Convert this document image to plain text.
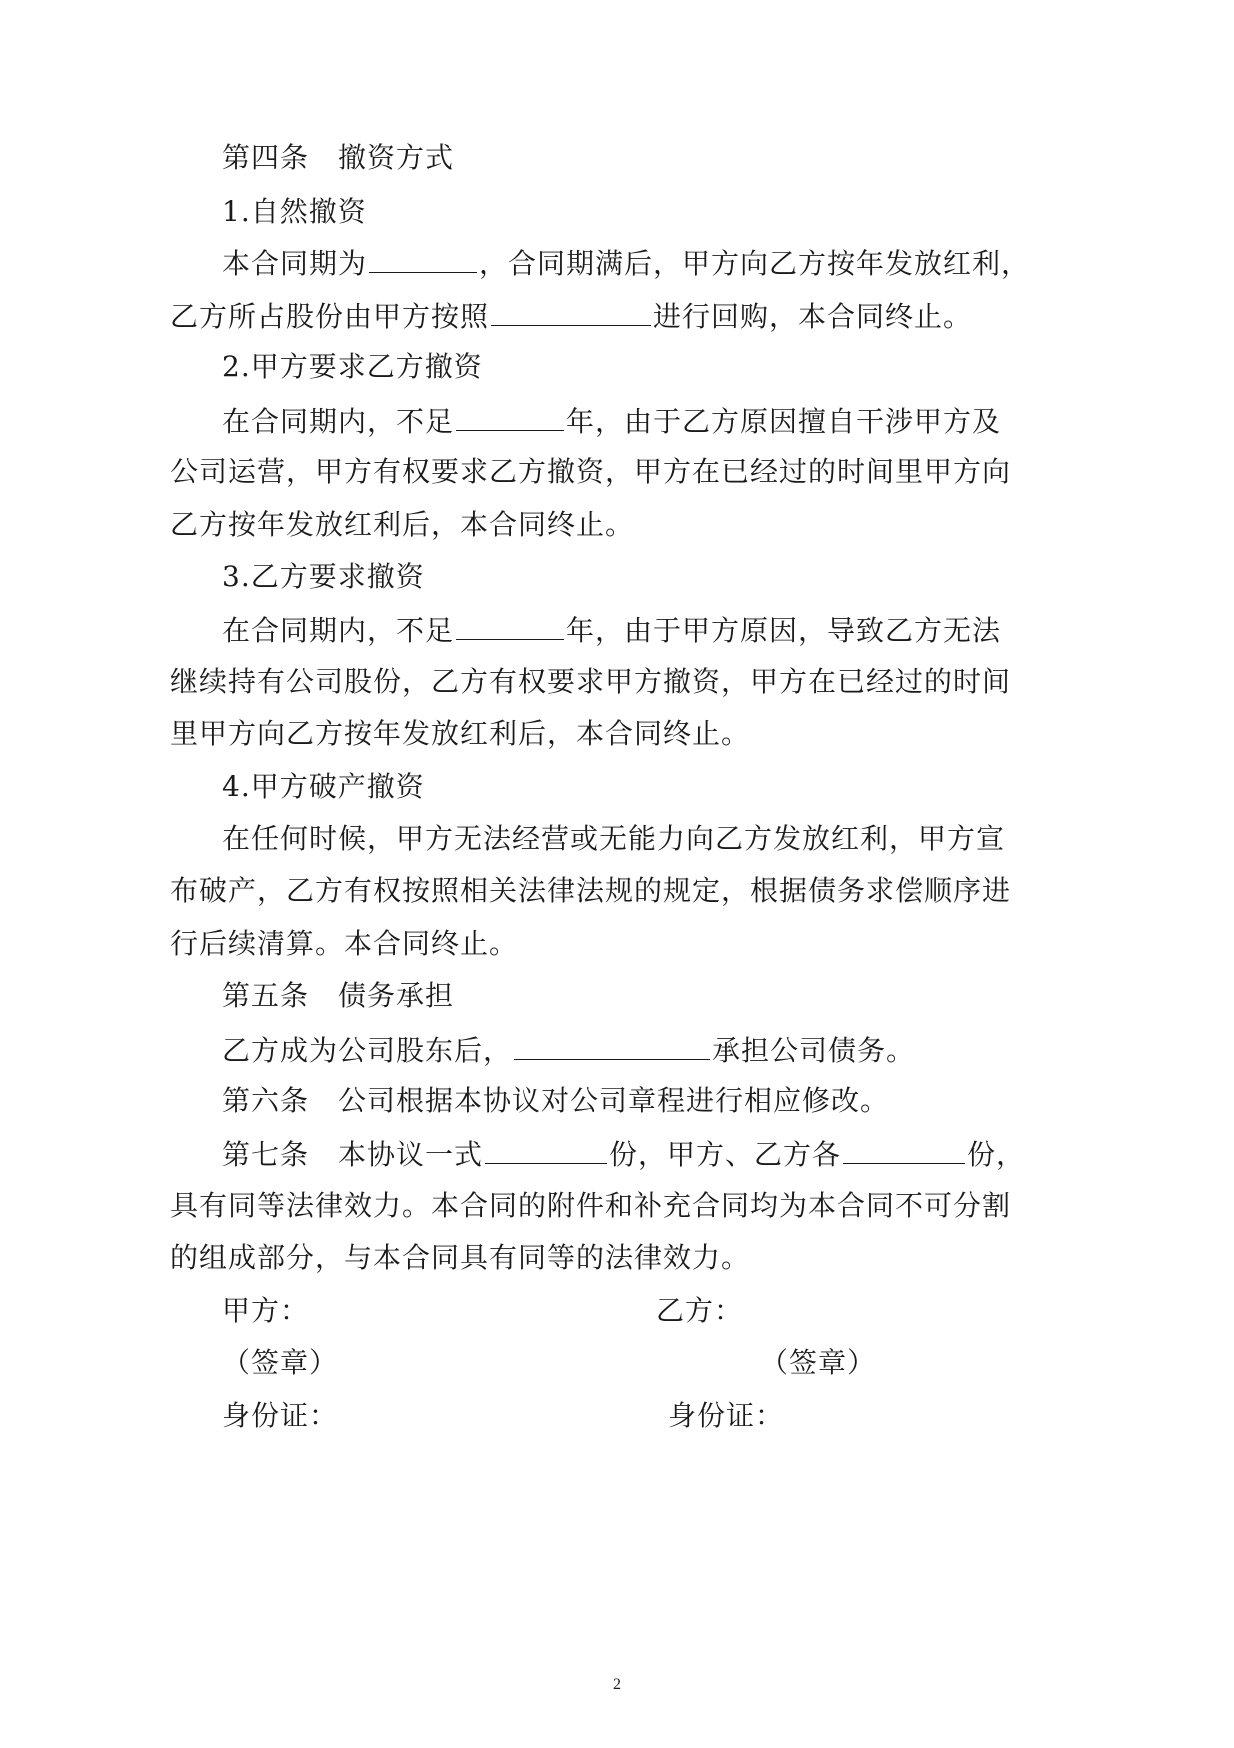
第四条　撤资方式
1.自然撤资
本合同期为	，合同期满后，甲方向乙方按年发放红利，
乙方所占股份由甲方按照	进行回购，本合同终止。
2.甲方要求乙方撤资
在合同期内，不足	年，由于乙方原因擅自干涉甲方及
公司运营，甲方有权要求乙方撤资，甲方在已经过的时间里甲方向
乙方按年发放红利后，本合同终止。
3.乙方要求撤资
在合同期内，不足	年，由于甲方原因，导致乙方无法
继续持有公司股份，乙方有权要求甲方撤资，甲方在已经过的时间
里甲方向乙方按年发放红利后，本合同终止。
4.甲方破产撤资
在任何时候，甲方无法经营或无能力向乙方发放红利，甲方宣
布破产，乙方有权按照相关法律法规的规定，根据债务求偿顺序进
行后续清算。本合同终止。
第五条　债务承担
乙方成为公司股东后，	承担公司债务。
第六条　公司根据本协议对公司章程进行相应修改。
第七条　本协议一式	份，甲方、乙方各	份，
具有同等法律效力。本合同的附件和补充合同均为本合同不可分割
的组成部分，与本合同具有同等的法律效力。
甲方：	乙方：
（签章）	（签章）
身份证：	身份证：
2
